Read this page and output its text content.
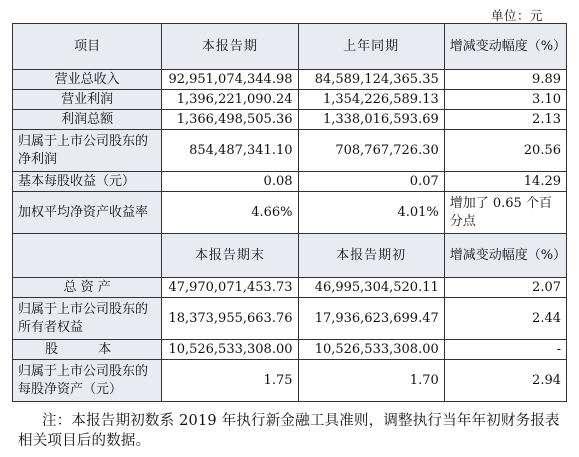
单位：元
项目	本报告期	上年同期	增减变动幅度（%）
营业总收入	92,951,074,344.98	84,589,124,365.35	9.89
营业利润	1,396,221,090.24	1,354,226,589.13	3.10
利润总额	1,366,498,505.36	1,338,016,593.69	2.13
归属于上市公司股东的净利润	854,487,341.10	708,767,726.30	20.56
基本每股收益（元）	0.08	0.07	14.29
加权平均净资产收益率	4.66%	4.01%	增加了 0.65 个百分点
	本报告期末	本报告期初	增减变动幅度（%）
总 资 产	47,970,071,453.73	46,995,304,520.11	2.07
归属于上市公司股东的所有者权益	18,373,955,663.76	17,936,623,699.47	2.44
股 本	10,526,533,308.00	10,526,533,308.00	-
归属于上市公司股东的每股净资产（元）	1.75	1.70	2.94
注：本报告期初数系 2019 年执行新金融工具准则，调整执行当年年初财务报表相关项目后的数据。
